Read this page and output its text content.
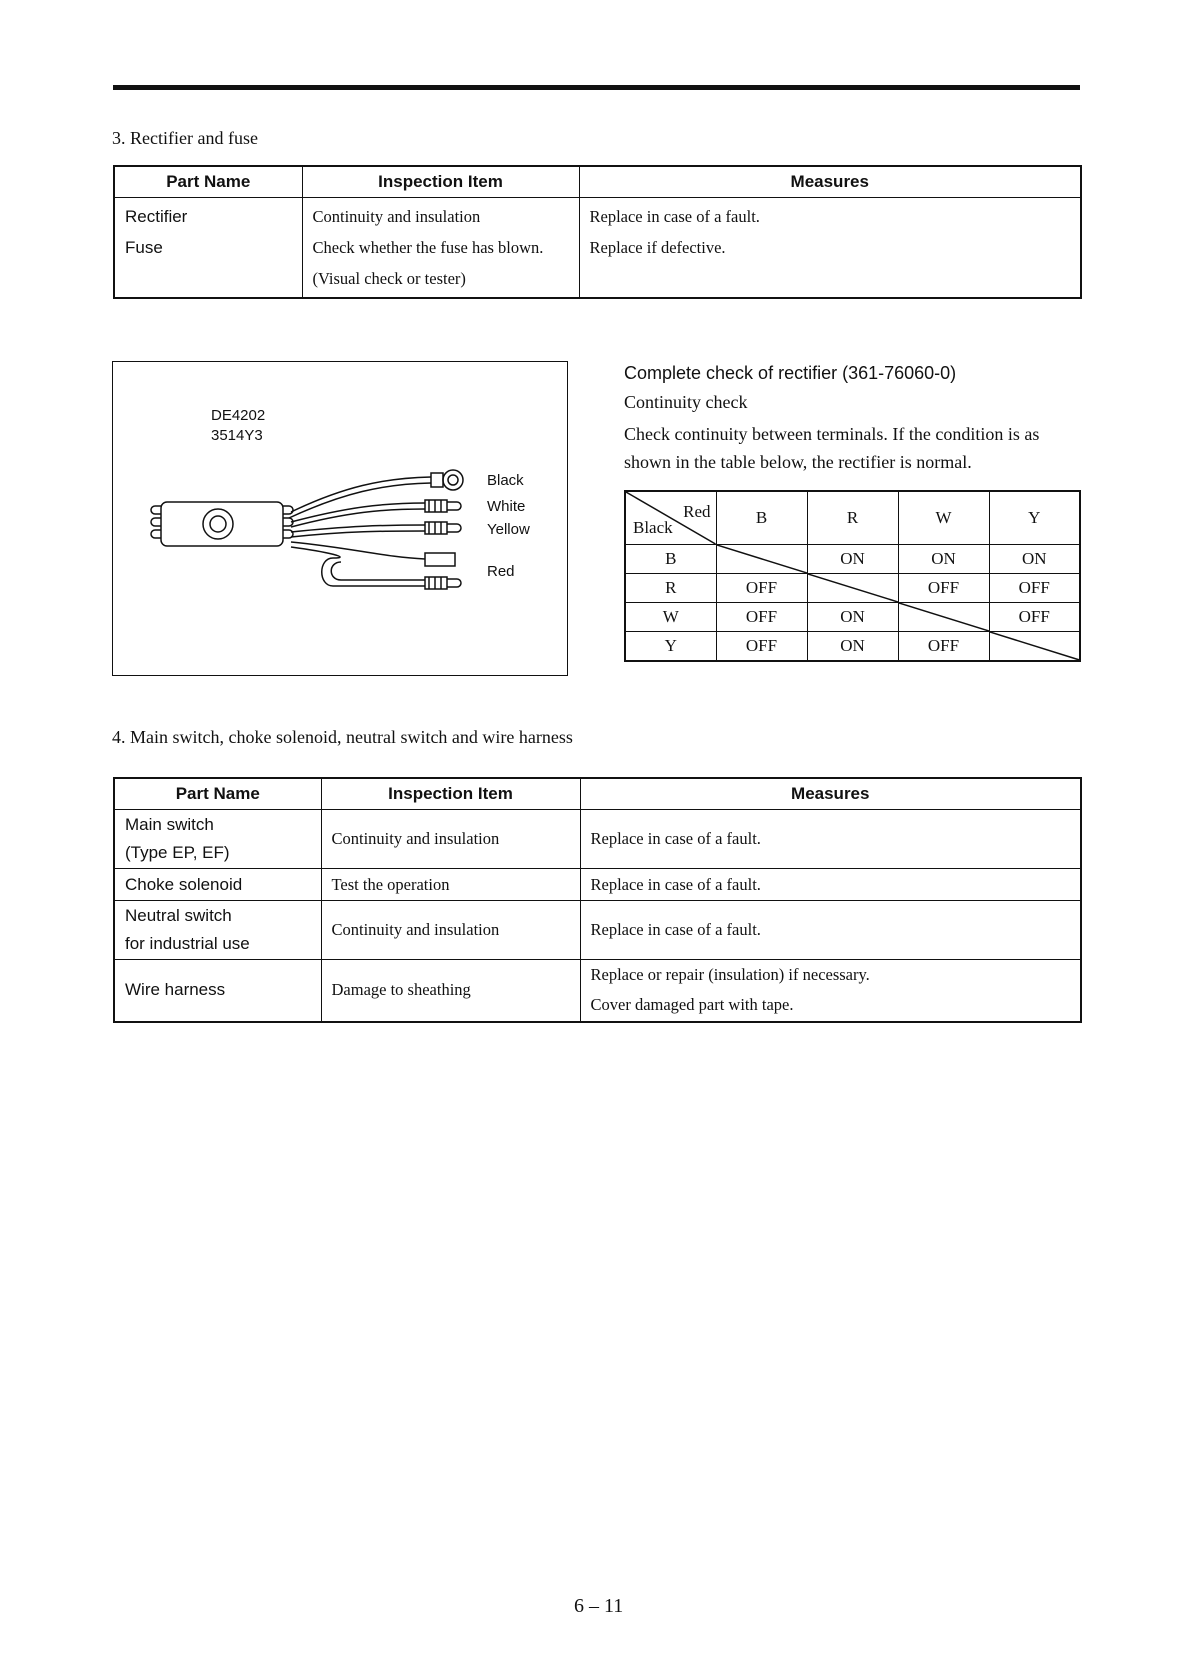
3. Rectifier and fuse
Part Name	Inspection Item	Measures
Rectifier	Continuity and insulation	Replace in case of a fault.
Fuse	Check whether the fuse has blown.	Replace if defective.
	(Visual check or tester)	
DE4202
3514Y3
Black
White
Yellow
Red
Complete check of rectifier (361-76060-0)
Continuity check
Check continuity between terminals. If the condition is as shown in the table below, the rectifier is normal.
Red
Black	B	R	W	Y
B		ON	ON	ON
R	OFF		OFF	OFF
W	OFF	ON		OFF
Y	OFF	ON	OFF	
4. Main switch, choke solenoid, neutral switch and wire harness
Part Name	Inspection Item	Measures

Main switch
(Type EP, EF)	Continuity and insulation	Replace in case of a fault.

Choke solenoid	Test the operation	Replace in case of a fault.

Neutral switch
for industrial use	Continuity and insulation	Replace in case of a fault.

Wire harness	Damage to sheathing	Replace or repair (insulation) if necessary.
Cover damaged part with tape.
6 – 11
